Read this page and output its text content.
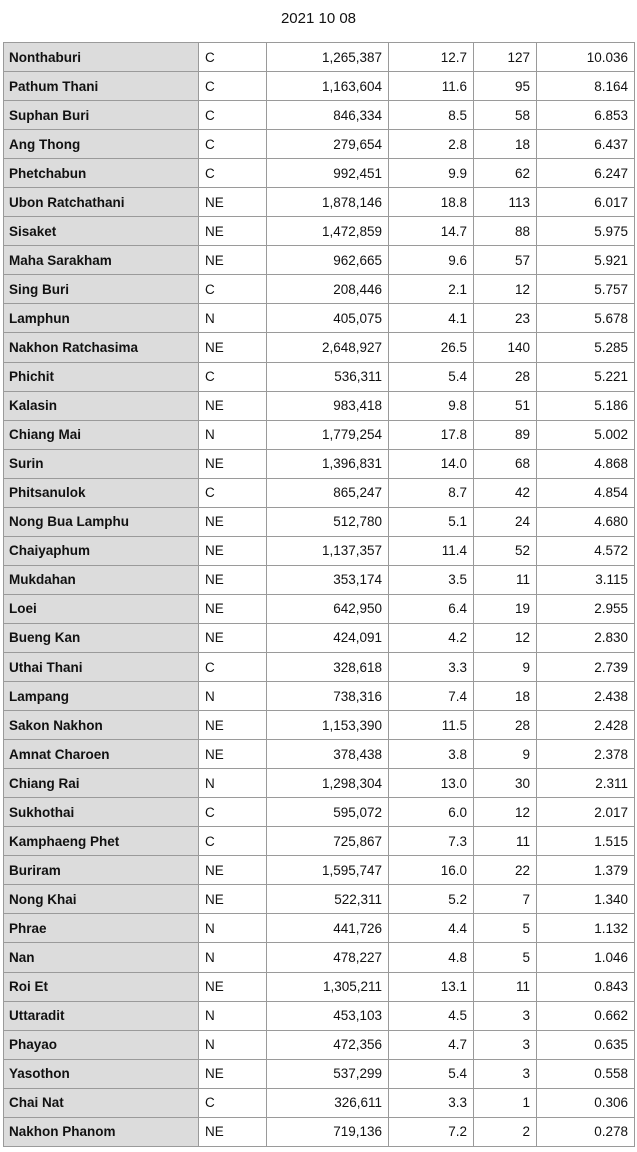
2021 10 08
Nonthaburi	C	1,265,387	12.7	127	10.036
Pathum Thani	C	1,163,604	11.6	95	8.164
Suphan Buri	C	846,334	8.5	58	6.853
Ang Thong	C	279,654	2.8	18	6.437
Phetchabun	C	992,451	9.9	62	6.247
Ubon Ratchathani	NE	1,878,146	18.8	113	6.017
Sisaket	NE	1,472,859	14.7	88	5.975
Maha Sarakham	NE	962,665	9.6	57	5.921
Sing Buri	C	208,446	2.1	12	5.757
Lamphun	N	405,075	4.1	23	5.678
Nakhon Ratchasima	NE	2,648,927	26.5	140	5.285
Phichit	C	536,311	5.4	28	5.221
Kalasin	NE	983,418	9.8	51	5.186
Chiang Mai	N	1,779,254	17.8	89	5.002
Surin	NE	1,396,831	14.0	68	4.868
Phitsanulok	C	865,247	8.7	42	4.854
Nong Bua Lamphu	NE	512,780	5.1	24	4.680
Chaiyaphum	NE	1,137,357	11.4	52	4.572
Mukdahan	NE	353,174	3.5	11	3.115
Loei	NE	642,950	6.4	19	2.955
Bueng Kan	NE	424,091	4.2	12	2.830
Uthai Thani	C	328,618	3.3	9	2.739
Lampang	N	738,316	7.4	18	2.438
Sakon Nakhon	NE	1,153,390	11.5	28	2.428
Amnat Charoen	NE	378,438	3.8	9	2.378
Chiang Rai	N	1,298,304	13.0	30	2.311
Sukhothai	C	595,072	6.0	12	2.017
Kamphaeng Phet	C	725,867	7.3	11	1.515
Buriram	NE	1,595,747	16.0	22	1.379
Nong Khai	NE	522,311	5.2	7	1.340
Phrae	N	441,726	4.4	5	1.132
Nan	N	478,227	4.8	5	1.046
Roi Et	NE	1,305,211	13.1	11	0.843
Uttaradit	N	453,103	4.5	3	0.662
Phayao	N	472,356	4.7	3	0.635
Yasothon	NE	537,299	5.4	3	0.558
Chai Nat	C	326,611	3.3	1	0.306
Nakhon Phanom	NE	719,136	7.2	2	0.278
